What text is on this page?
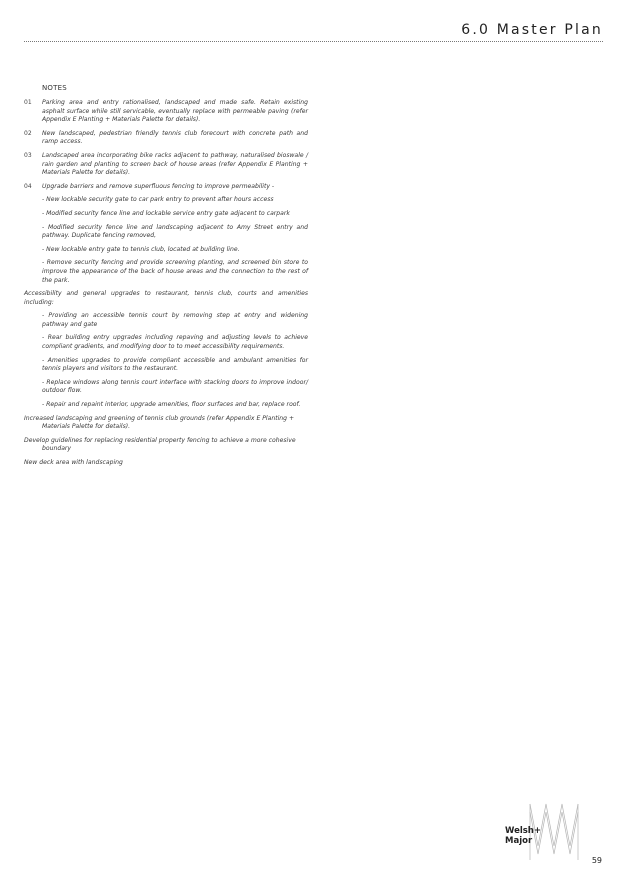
6.0 Master Plan
NOTES
01	Parking area and entry rationalised, landscaped and made safe. Retain existing asphalt surface while still servicable, eventually replace with permeable paving (refer Appendix E Planting + Materials Palette for details).
02	New landscaped, pedestrian friendly tennis club forecourt with concrete path and ramp access.
03	Landscaped area incorporating bike racks adjacent to pathway, naturalised bioswale / rain garden and planting to screen back of house areas (refer Appendix E Planting + Materials Palette for details).
04	Upgrade barriers and remove superfluous fencing to improve permeability -
- New lockable security gate to car park entry to prevent after hours access
- Modified security fence line and lockable service entry gate adjacent to carpark
- Modified security fence line and landscaping adjacent to Amy Street entry and pathway. Duplicate fencing removed,
- New lockable entry gate to tennis club, located at building line.
- Remove security fencing and provide screening planting, and screened bin store to improve the appearance of the back of house areas and the connection to the rest of the park.
Accessibility and general upgrades to restaurant, tennis club, courts and amenities including:
- Providing an accessible tennis court by removing step at entry and widening pathway and gate
- Rear building entry upgrades including repaving and adjusting levels to achieve compliant gradients, and modifying door to to meet accessibility requirements.
- Amenities upgrades to provide compliant accessible and ambulant amenities for tennis players and visitors to the restaurant.
- Replace windows along tennis court interface with stacking doors to improve indoor/ outdoor flow.
- Repair and repaint interior, upgrade amenities, floor surfaces and bar, replace roof.
Increased landscaping and greening of tennis club grounds (refer Appendix E Planting +
Materials Palette for details).
Develop guidelines for replacing residential property fencing to achieve a more cohesive
boundary
New deck area with landscaping
Welsh+
Major
59
